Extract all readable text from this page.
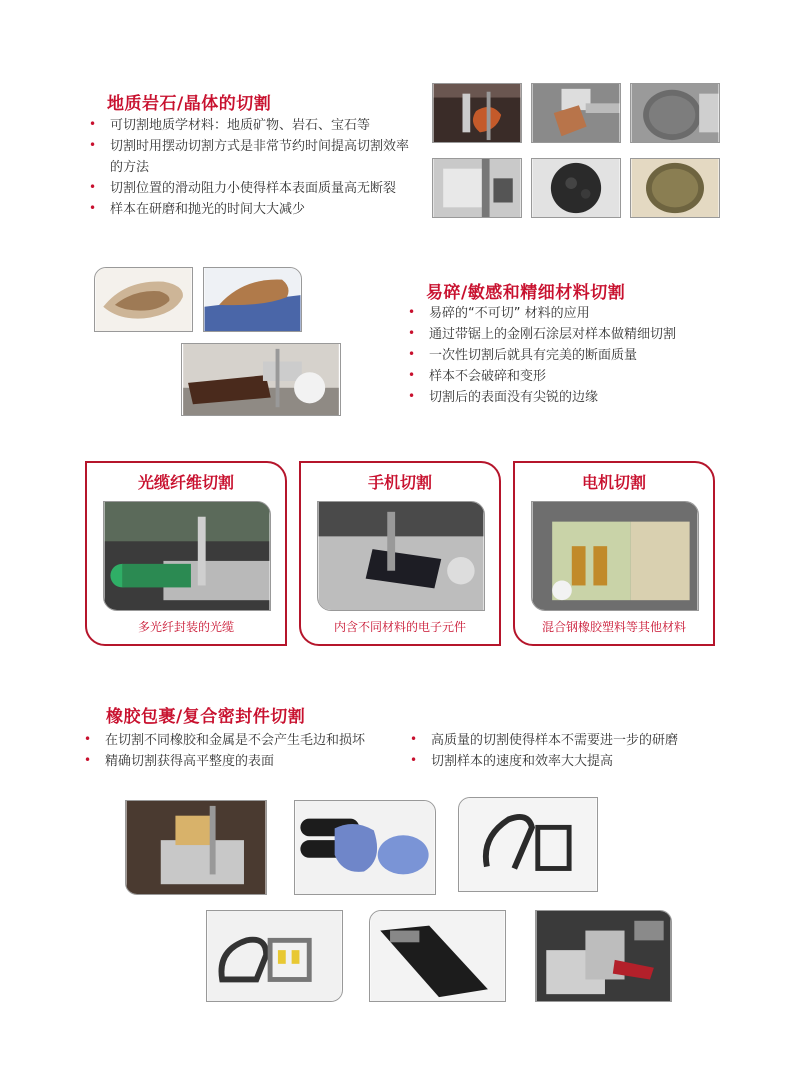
地质岩石/晶体的切割
• 可切割地质学材料：地质矿物、岩石、宝石等
• 切割时用摆动切割方式是非常节约时间提高切割效率的方法
• 切割位置的滑动阻力小使得样本表面质量高无断裂
• 样本在研磨和抛光的时间大大减少
易碎/敏感和精细材料切割
• 易碎的“不可切” 材料的应用
• 通过带锯上的金刚石涂层对样本做精细切割
• 一次性切割后就具有完美的断面质量
• 样本不会破碎和变形
• 切割后的表面没有尖锐的边缘
光缆纤维切割
多光纤封装的光缆
手机切割
内含不同材料的电子元件
电机切割
混合钢橡胶塑料等其他材料
橡胶包裹/复合密封件切割
• 在切割不同橡胶和金属是不会产生毛边和损坏
• 精确切割获得高平整度的表面
• 高质量的切割使得样本不需要进一步的研磨
• 切割样本的速度和效率大大提高
